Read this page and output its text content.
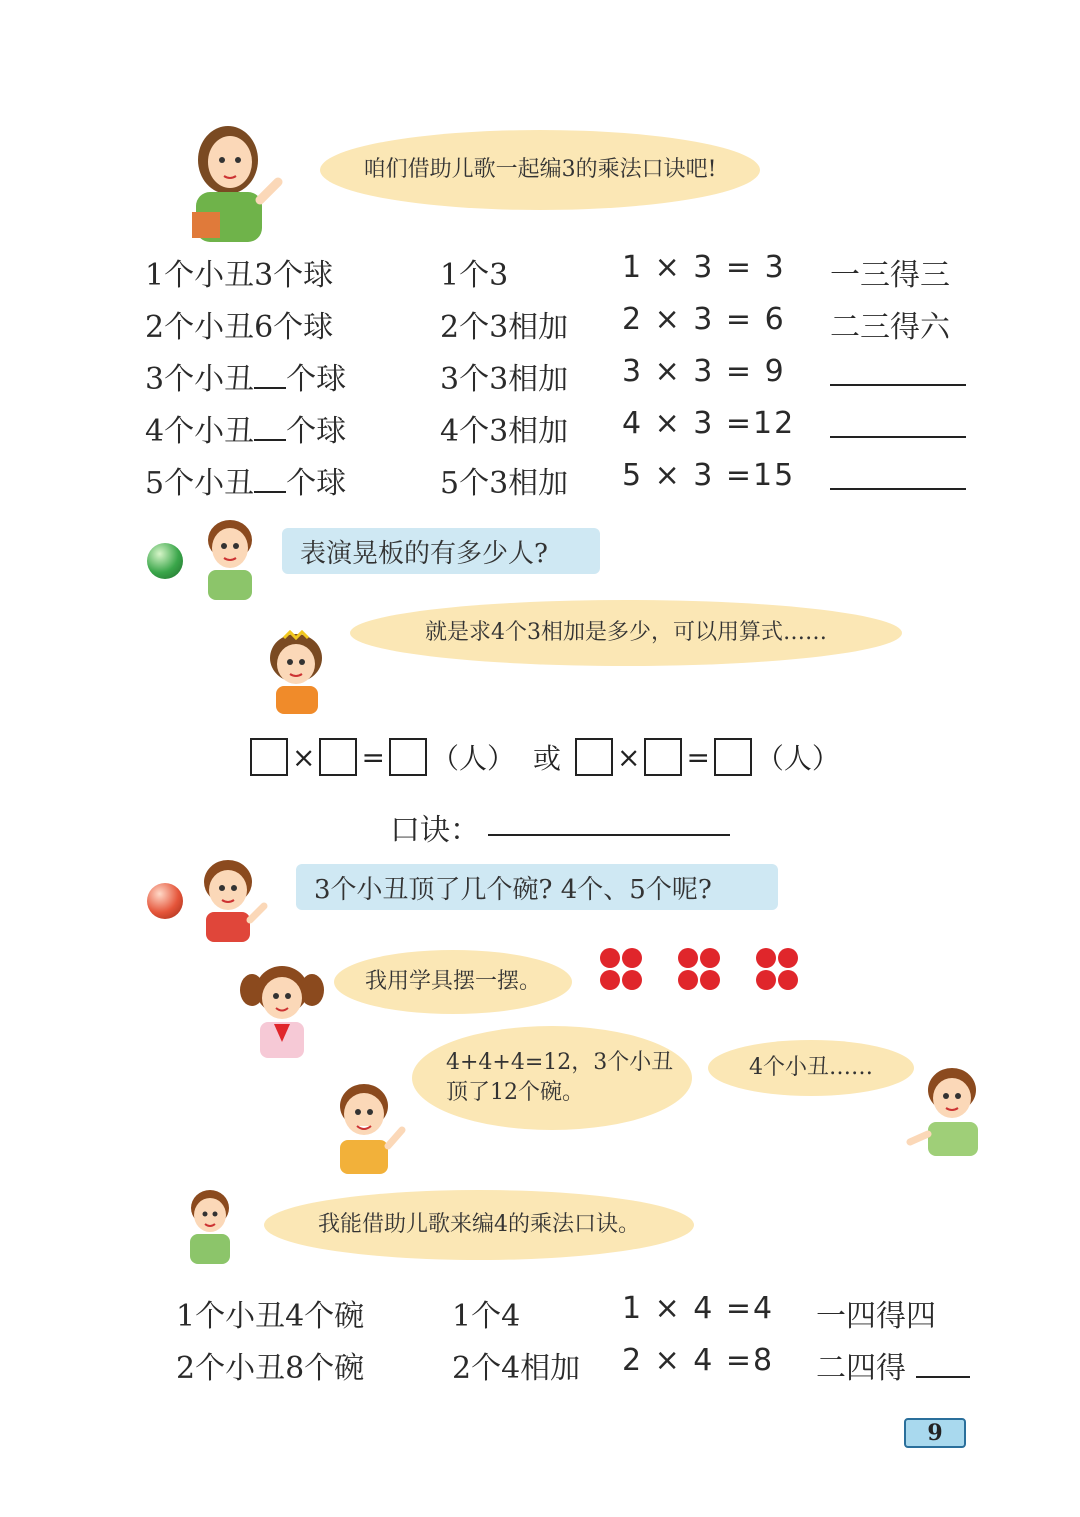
咱们借助儿歌一起编3的乘法口诀吧!
1个小丑3个球	1个3	1 × 3 = 3 一三得三
2个小丑6个球	2个3相加 2 × 3 = 6 二三得六
3个小丑 个球	3个3相加 3 × 3 = 9
4个小丑 个球	4个3相加 4 × 3 =12
5个小丑 个球	5个3相加 5 × 3 =15
表演晃板的有多少人?
就是求4个3相加是多少，可以用算式……
× = （人） 或 × = （人）
口诀：
3个小丑顶了几个碗? 4个、5个呢?
我用学具摆一摆。
4+4+4=12，3个小丑
顶了12个碗。
4个小丑……
我能借助儿歌来编4的乘法口诀。
1个小丑4个碗	1个4	1 × 4 =4 一四得四
2个小丑8个碗	2个4相加 2 × 4 =8 二四得
9
